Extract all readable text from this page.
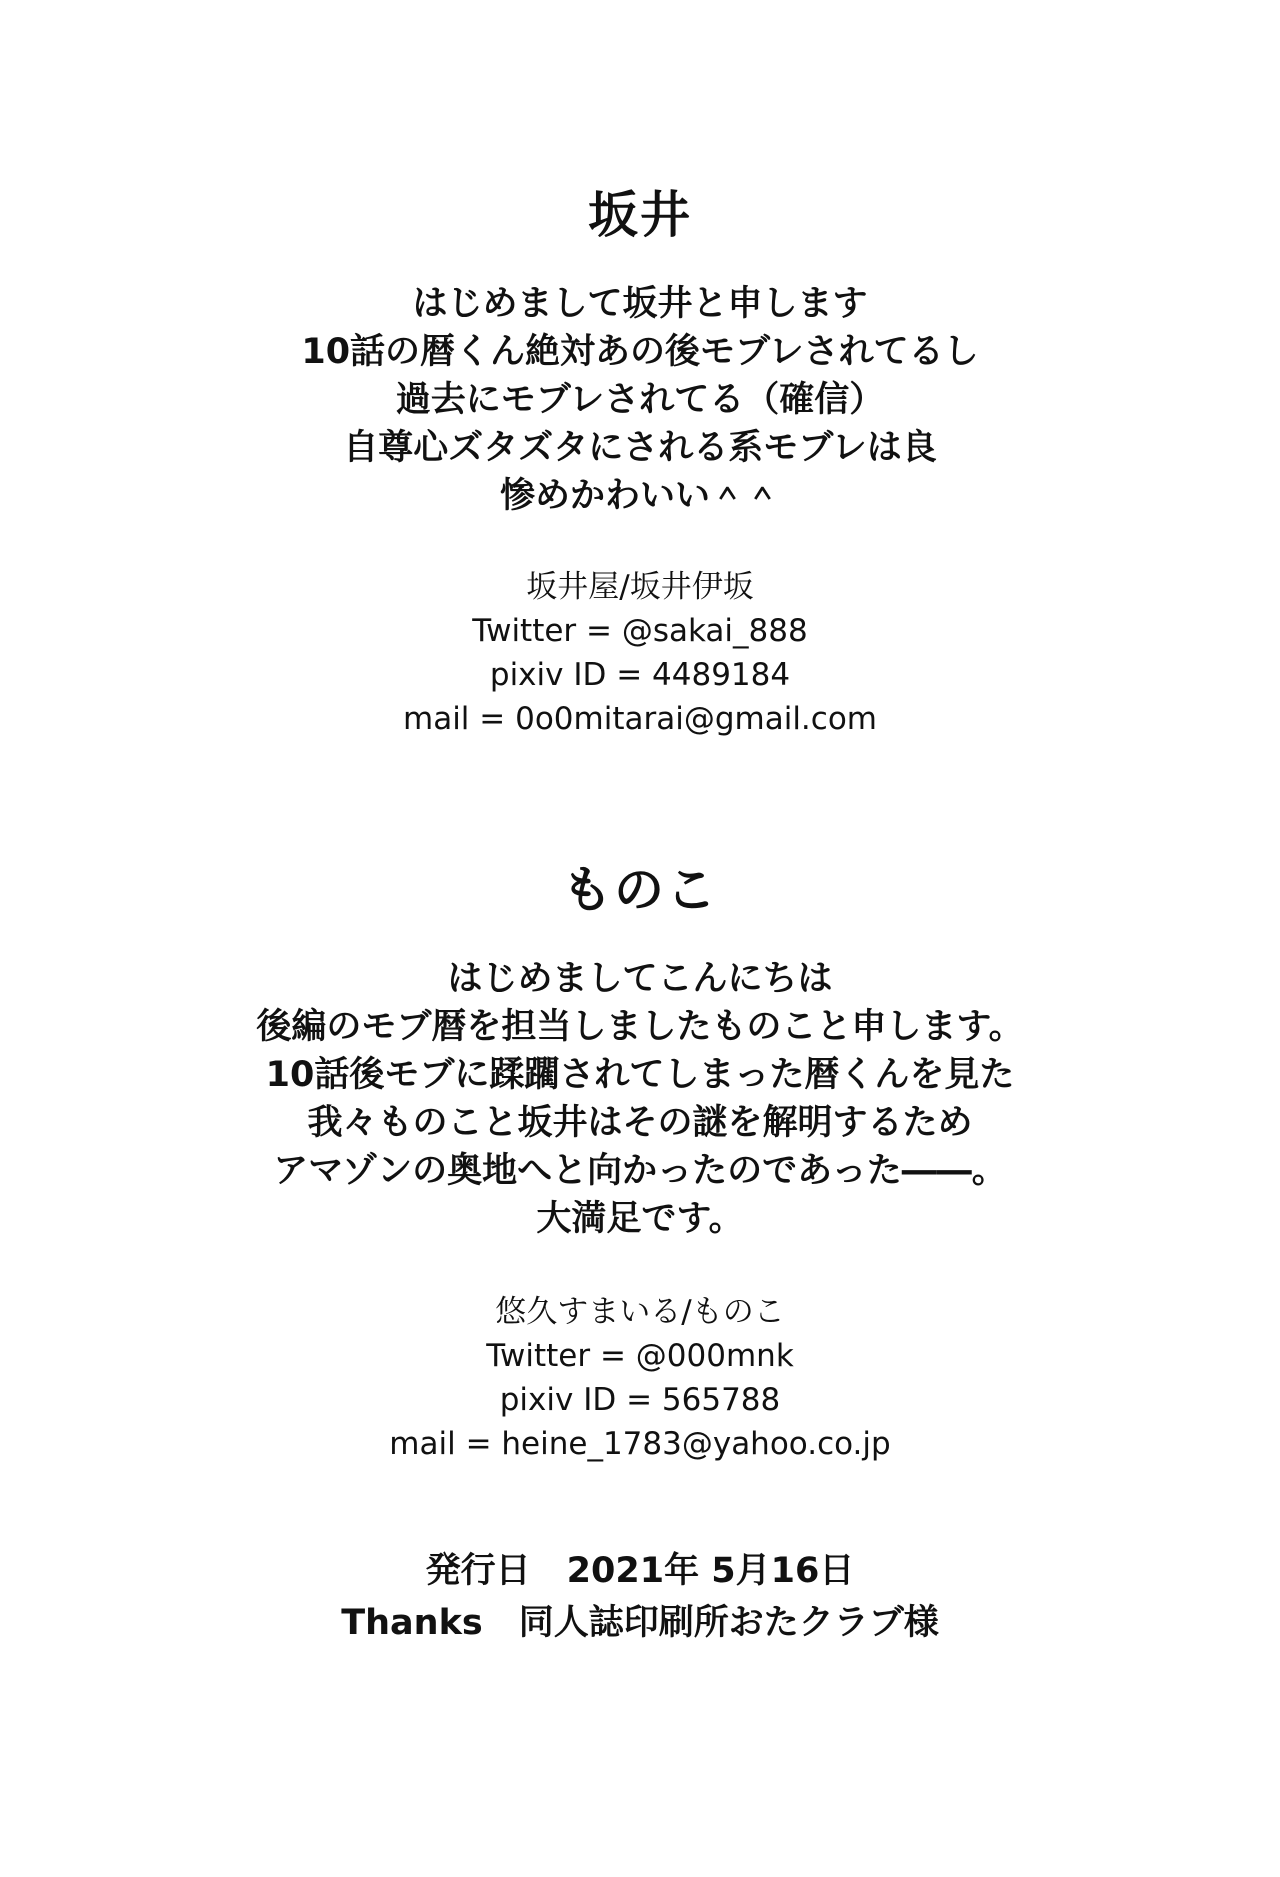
坂井
はじめまして坂井と申します
10話の暦くん絶対あの後モブレされてるし
過去にモブレされてる（確信）
自尊心ズタズタにされる系モブレは良
惨めかわいい＾＾
坂井屋/坂井伊坂
Twitter = @sakai_888
pixiv ID = 4489184
mail = 0o0mitarai@gmail.com
ものこ
はじめましてこんにちは
後編のモブ暦を担当しましたものこと申します。
10話後モブに蹂躙されてしまった暦くんを見た
我々ものこと坂井はその謎を解明するため
アマゾンの奥地へと向かったのであった――。
大満足です。
悠久すまいる/ものこ
Twitter = @000mnk
pixiv ID = 565788
mail = heine_1783@yahoo.co.jp
発行日 2021年 5月16日
Thanks 同人誌印刷所おたクラブ様
